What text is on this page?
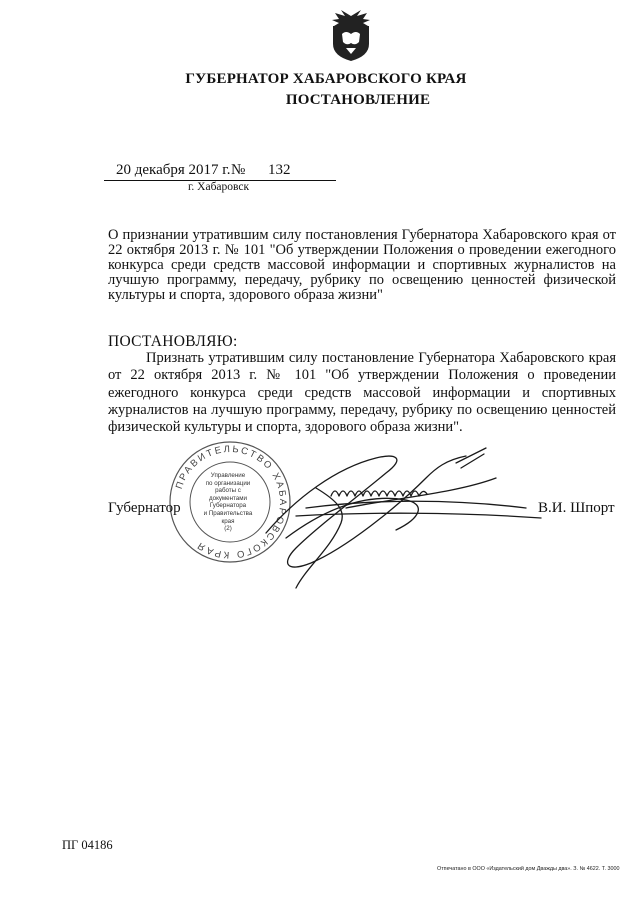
ГУБЕРНАТОР ХАБАРОВСКОГО КРАЯ
ПОСТАНОВЛЕНИЕ
20 декабря 2017 г. № 132
г. Хабаровск
О признании утратившим силу постановления Губернатора Хабаровского края от 22 октября 2013 г. № 101 "Об утверждении Положения о проведении ежегодного конкурса среди средств массовой информации и спортивных журналистов на лучшую программу, передачу, рубрику по освещению ценностей физической культуры и спорта, здорового образа жизни"
ПОСТАНОВЛЯЮ:
Признать утратившим силу постановление Губернатора Хабаровского края от 22 октября 2013 г. № 101 "Об утверждении Положения о проведении ежегодного конкурса среди средств массовой информации и спортивных журналистов на лучшую программу, передачу, рубрику по освещению ценностей физической культуры и спорта, здорового образа жизни".
ПРАВИТЕЛЬСТВО ХАБАРОВСКОГО КРАЯ
Управление
по организации
работы с документами
Губернатора
и Правительства
края
(2)
Губернатор	В.И. Шпорт
ПГ 04186
Отпечатано в ООО «Издательский дом Дважды два». З. № 4622. Т. 3000
